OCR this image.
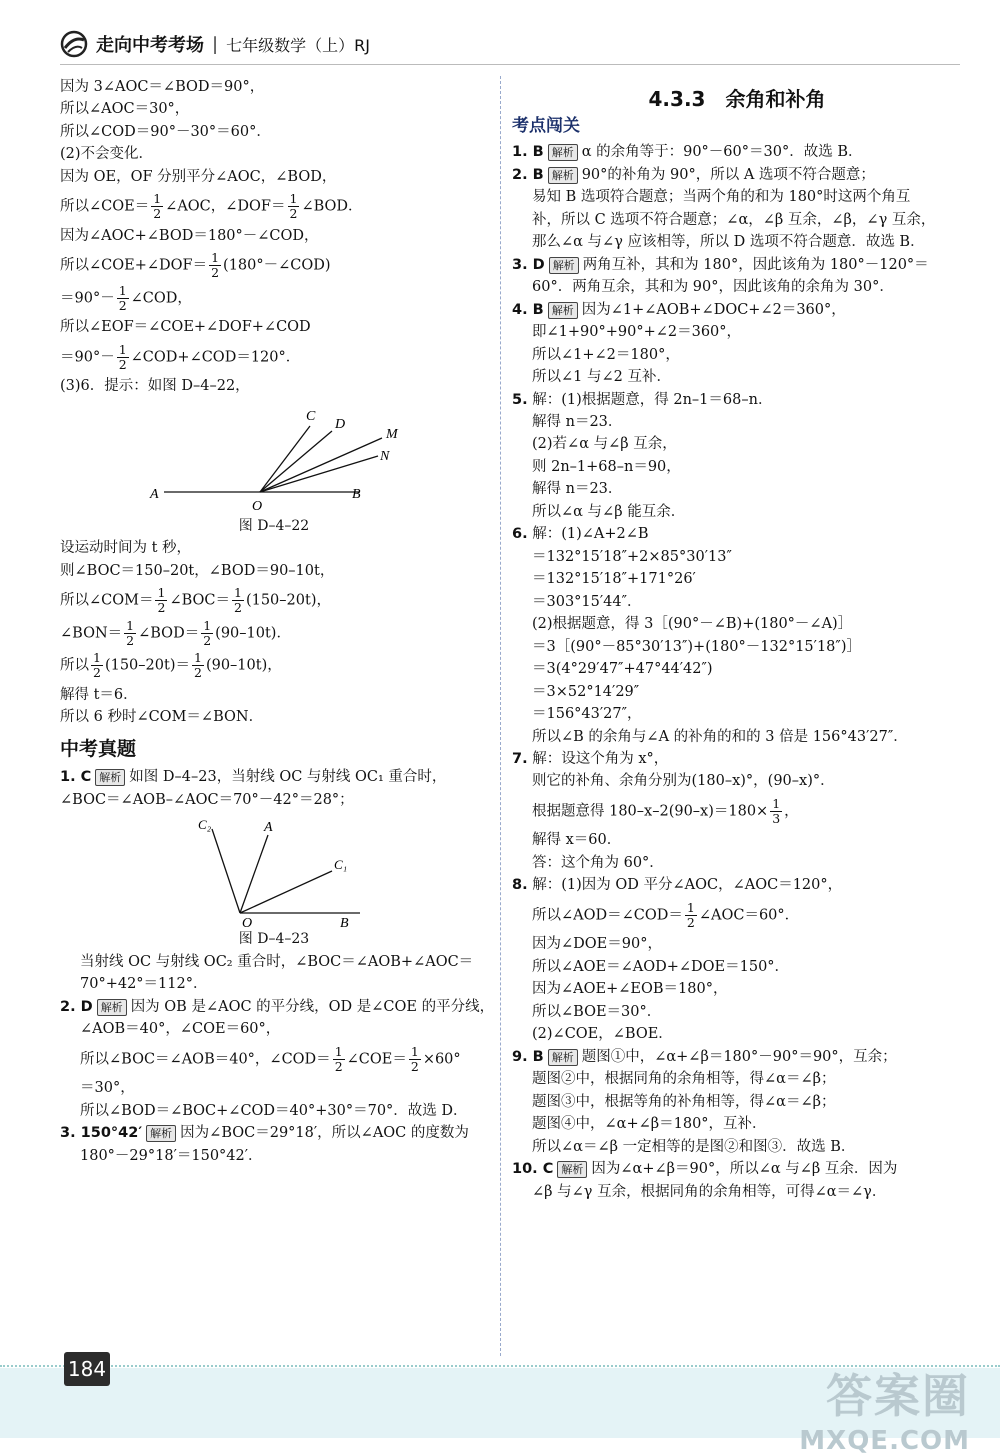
走向中考考场 | 七年级数学（上）RJ

因为 3∠AOC＝∠BOD＝90°，

所以∠AOC＝30°，

所以∠COD＝90°－30°＝60°．

(2)不会变化．

因为 OE，OF 分别平分∠AOC，∠BOD，

所以∠COE＝ $\frac{1}{2}$ ∠AOC，∠DOF＝ $\frac{1}{2}$ ∠BOD．

因为∠AOC+∠BOD＝180°－∠COD，

所以∠COE+∠DOF＝ $\frac{1}{2}$ (180°－∠COD)

$=90^\circ- \frac{1}{2}$ ∠COD，

所以∠EOF＝∠COE+∠DOF+∠COD

$=90^\circ- \frac{1}{2}$ ∠COD+∠COD＝120°．

(3)6．提示：如图 D–4–22，

C
D
M
N
A
O
B
图 D–4–22

设运动时间为 t 秒，

则∠BOC＝150–20t，∠BOD＝90–10t，

所以∠COM＝ $\frac{1}{2}$ ∠BOC＝ $\frac{1}{2} (150-20t)$，

∠BON＝ $\frac{1}{2}$ ∠BOD＝ $\frac{1}{2} (90-10t)$．

所以 $\frac{1}{2} (150-20t)= \frac{1}{2} (90-10t)$，

解得 t＝6．

所以 6 秒时∠COM＝∠BON．

中考真题

1. C 解析 如图 D–4–23，当射线 OC 与射线 OC₁ 重合时，

∠BOC＝∠AOB–∠AOC＝70°－42°＝28°；

C₂	A
C₁
O	B
图 D–4–23

当射线 OC 与射线 OC₂ 重合时，∠BOC＝∠AOB+∠AOC＝

70°+42°＝112°．

2. D 解析 因为 OB 是∠AOC 的平分线，OD 是∠COE 的平分线，

∠AOB＝40°，∠COE＝60°，

所以∠BOC＝∠AOB＝40°，∠COD＝ $\frac{1}{2}$ ∠COE＝ $\frac{1}{2} \times 60^\circ$

＝30°，

所以∠BOD＝∠BOC+∠COD＝40°+30°＝70°．故选 D．

3. 150°42′ 解析 因为∠BOC＝29°18′，所以∠AOC 的度数为

180°－29°18′＝150°42′．

4.3.3　余角和补角
考点闯关

1. B 解析 α 的余角等于：90°－60°＝30°．故选 B．

2. B 解析 90°的补角为 90°，所以 A 选项不符合题意；

易知 B 选项符合题意；当两个角的和为 180°时这两个角互

补，所以 C 选项不符合题意；∠α，∠β 互余，∠β，∠γ 互余，

那么∠α 与∠γ 应该相等，所以 D 选项不符合题意．故选 B．

3. D 解析 两角互补，其和为 180°，因此该角为 180°－120°＝

60°．两角互余，其和为 90°，因此该角的余角为 30°．

4. B 解析 因为∠1+∠AOB+∠DOC+∠2＝360°，

即∠1+90°+90°+∠2＝360°，

所以∠1+∠2＝180°，

所以∠1 与∠2 互补．

5. 解：(1)根据题意，得 2n–1＝68–n．

解得 n＝23．

(2)若∠α 与∠β 互余，

则 2n–1+68–n＝90，

解得 n＝23．

所以∠α 与∠β 能互余．

6. 解：(1)∠A+2∠B

＝132°15′18″+2×85°30′13″

＝132°15′18″+171°26′

＝303°15′44″．

(2)根据题意，得 3［(90°－∠B)+(180°－∠A)］

＝3［(90°－85°30′13″)+(180°－132°15′18″)］

＝3(4°29′47″+47°44′42″)

＝3×52°14′29″

＝156°43′27″，

所以∠B 的余角与∠A 的补角的和的 3 倍是 156°43′27″．

7. 解：设这个角为 x°，

则它的补角、余角分别为(180–x)°，(90–x)°．

根据题意得 $180-x-2(90-x)=180\times \frac{1}{3}$ ，

解得 x＝60．

答：这个角为 60°．

8. 解：(1)因为 OD 平分∠AOC，∠AOC＝120°，

所以∠AOD＝∠COD＝ $\frac{1}{2}$ ∠AOC＝60°．

因为∠DOE＝90°，

所以∠AOE＝∠AOD+∠DOE＝150°．

因为∠AOE+∠EOB＝180°，

所以∠BOE＝30°．

(2)∠COE，∠BOE．

9. B 解析 题图①中，∠α+∠β＝180°－90°＝90°，互余；

题图②中，根据同角的余角相等，得∠α＝∠β；

题图③中，根据等角的补角相等，得∠α＝∠β；

题图④中，∠α+∠β＝180°，互补．

所以∠α＝∠β 一定相等的是图②和图③．故选 B．

10. C 解析 因为∠α+∠β＝90°，所以∠α 与∠β 互余．因为

∠β 与∠γ 互余，根据同角的余角相等，可得∠α＝∠γ．

184	答案圈
MXQE.COM
